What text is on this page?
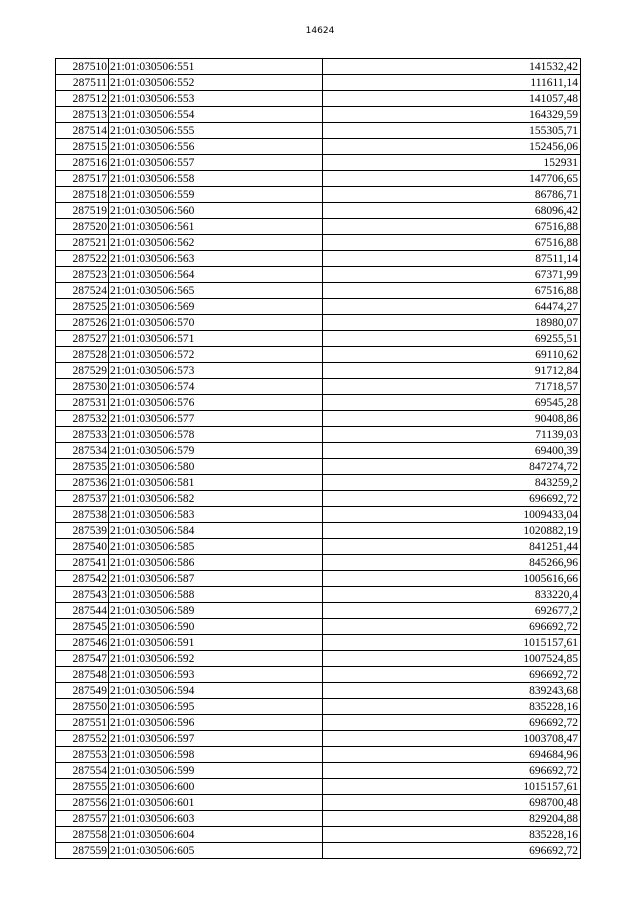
14624
287510	21:01:030506:551	141532,42
287511	21:01:030506:552	111611,14
287512	21:01:030506:553	141057,48
287513	21:01:030506:554	164329,59
287514	21:01:030506:555	155305,71
287515	21:01:030506:556	152456,06
287516	21:01:030506:557	152931
287517	21:01:030506:558	147706,65
287518	21:01:030506:559	86786,71
287519	21:01:030506:560	68096,42
287520	21:01:030506:561	67516,88
287521	21:01:030506:562	67516,88
287522	21:01:030506:563	87511,14
287523	21:01:030506:564	67371,99
287524	21:01:030506:565	67516,88
287525	21:01:030506:569	64474,27
287526	21:01:030506:570	18980,07
287527	21:01:030506:571	69255,51
287528	21:01:030506:572	69110,62
287529	21:01:030506:573	91712,84
287530	21:01:030506:574	71718,57
287531	21:01:030506:576	69545,28
287532	21:01:030506:577	90408,86
287533	21:01:030506:578	71139,03
287534	21:01:030506:579	69400,39
287535	21:01:030506:580	847274,72
287536	21:01:030506:581	843259,2
287537	21:01:030506:582	696692,72
287538	21:01:030506:583	1009433,04
287539	21:01:030506:584	1020882,19
287540	21:01:030506:585	841251,44
287541	21:01:030506:586	845266,96
287542	21:01:030506:587	1005616,66
287543	21:01:030506:588	833220,4
287544	21:01:030506:589	692677,2
287545	21:01:030506:590	696692,72
287546	21:01:030506:591	1015157,61
287547	21:01:030506:592	1007524,85
287548	21:01:030506:593	696692,72
287549	21:01:030506:594	839243,68
287550	21:01:030506:595	835228,16
287551	21:01:030506:596	696692,72
287552	21:01:030506:597	1003708,47
287553	21:01:030506:598	694684,96
287554	21:01:030506:599	696692,72
287555	21:01:030506:600	1015157,61
287556	21:01:030506:601	698700,48
287557	21:01:030506:603	829204,88
287558	21:01:030506:604	835228,16
287559	21:01:030506:605	696692,72
